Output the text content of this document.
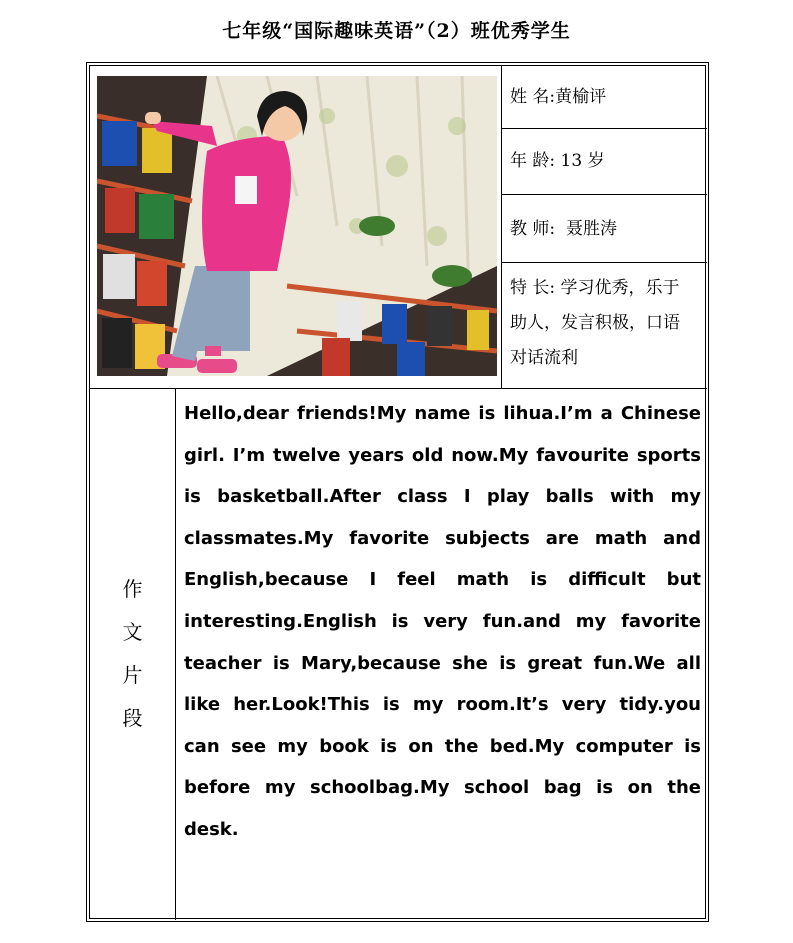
七年级“国际趣味英语”（2）班优秀学生
姓 名:黄榆评
年 龄: 13 岁
教 师: 聂胜涛
特 长: 学习优秀，乐于
助人，发言积极，口语
对话流利
作
文
片
段
Hello,dear friends!My name is lihua.I’m a Chinese girl. I’m twelve years old now.My favourite sports is basketball.After class I play balls with my classmates.My favorite subjects are math and English,because I feel math is difficult but interesting.English is very fun.and my favorite teacher is Mary,because she is great fun.We all like her.Look!This is my room.It’s very tidy.you can see my book is on the bed.My computer is before my schoolbag.My school bag is on the desk.
